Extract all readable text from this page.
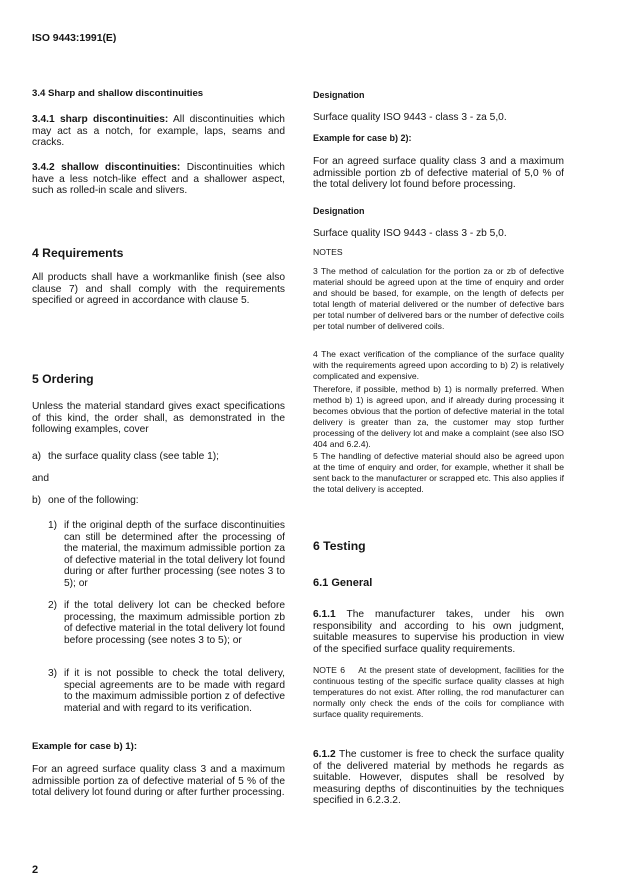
ISO 9443:1991(E)
3.4 Sharp and shallow discontinuities
3.4.1 sharp discontinuities: All discontinuities which may act as a notch, for example, laps, seams and cracks.
3.4.2 shallow discontinuities: Discontinuities which have a less notch-like effect and a shallower aspect, such as rolled-in scale and slivers.
4 Requirements
All products shall have a workmanlike finish (see also clause 7) and shall comply with the requirements specified or agreed in accordance with clause 5.
5 Ordering
Unless the material standard gives exact specifications of this kind, the order shall, as demonstrated in the following examples, cover
a) the surface quality class (see table 1);
and
b) one of the following:
1) if the original depth of the surface discontinuities can still be determined after the processing of the material, the maximum admissible portion za of defective material in the total delivery lot found during or after further processing (see notes 3 to 5); or
2) if the total delivery lot can be checked before processing, the maximum admissible portion zb of defective material in the total delivery lot found before processing (see notes 3 to 5); or
3) if it is not possible to check the total delivery, special agreements are to be made with regard to the maximum admissible portion z of defective material and with regard to its verification.
Example for case b) 1):
For an agreed surface quality class 3 and a maximum admissible portion za of defective material of 5 % of the total delivery lot found during or after further processing.
2
Designation
Surface quality ISO 9443 - class 3 - za 5,0.
Example for case b) 2):
For an agreed surface quality class 3 and a maximum admissible portion zb of defective material of 5,0 % of the total delivery lot found before processing.
Designation
Surface quality ISO 9443 - class 3 - zb 5,0.
NOTES
3 The method of calculation for the portion za or zb of defective material should be agreed upon at the time of enquiry and order and should be based, for example, on the length of defects per total length of material delivered or the number of defective bars per total number of delivered bars or the number of defective coils per total number of delivered coils.
4 The exact verification of the compliance of the surface quality with the requirements agreed upon according to b) 2) is relatively complicated and expensive.
Therefore, if possible, method b) 1) is normally preferred. When method b) 1) is agreed upon, and if already during processing it becomes obvious that the portion of defective material in the total delivery is greater than za, the customer may stop further processing of the delivery lot and make a complaint (see also ISO 404 and 6.2.4).
5 The handling of defective material should also be agreed upon at the time of enquiry and order, for example, whether it shall be sent back to the manufacturer or scrapped etc. This also applies if the total delivery is accepted.
6 Testing
6.1 General
6.1.1 The manufacturer takes, under his own responsibility and according to his own judgment, suitable measures to supervise his production in view of the specified surface quality requirements.
NOTE 6 At the present state of development, facilities for the continuous testing of the specific surface quality classes at high temperatures do not exist. After rolling, the rod manufacturer can normally only check the ends of the coils for compliance with surface quality requirements.
6.1.2 The customer is free to check the surface quality of the delivered material by methods he regards as suitable. However, disputes shall be resolved by measuring depths of discontinuities by the techniques specified in 6.2.3.2.
